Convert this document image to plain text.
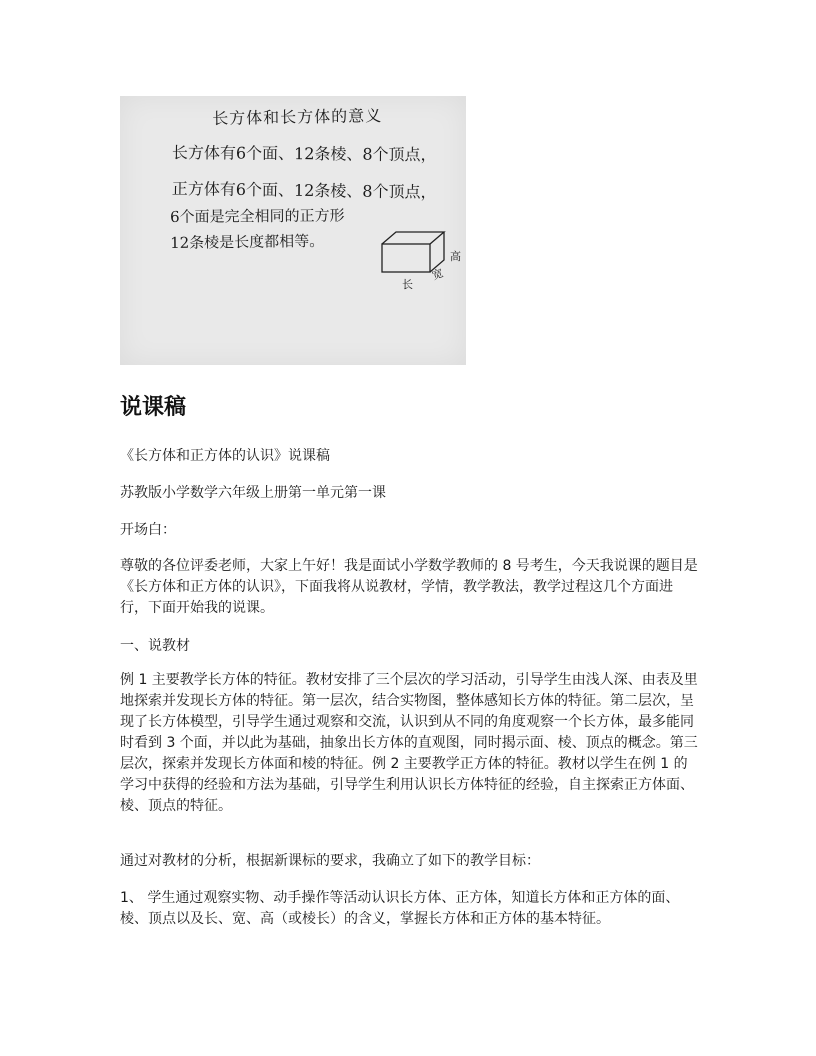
长方体和长方体的意义
长方体有6个面、12条棱、8个顶点，
正方体有6个面、12条棱、8个顶点，
6个面是完全相同的正方形
12条棱是长度都相等。
高
宽
长
说课稿

《长方体和正方体的认识》说课稿

苏教版小学数学六年级上册第一单元第一课

开场白：

尊敬的各位评委老师，大家上午好！我是面试小学数学教师的 8 号考生，今天我说课的题目是《长方体和正方体的认识》，下面我将从说教材，学情，教学教法，教学过程这几个方面进行，下面开始我的说课。

一、说教材

例 1 主要教学长方体的特征。教材安排了三个层次的学习活动，引导学生由浅人深、由表及里地探索并发现长方体的特征。第一层次，结合实物图，整体感知长方体的特征。第二层次，呈现了长方体模型，引导学生通过观察和交流，认识到从不同的角度观察一个长方体，最多能同时看到 3 个面，并以此为基础，抽象出长方体的直观图，同时揭示面、棱、顶点的概念。第三层次，探索并发现长方体面和棱的特征。例 2 主要教学正方体的特征。教材以学生在例 1 的学习中获得的经验和方法为基础，引导学生利用认识长方体特征的经验，自主探索正方体面、棱、顶点的特征。

通过对教材的分析，根据新课标的要求，我确立了如下的教学目标：

1、 学生通过观察实物、动手操作等活动认识长方体、正方体，知道长方体和正方体的面、棱、顶点以及长、宽、高（或棱长）的含义，掌握长方体和正方体的基本特征。
